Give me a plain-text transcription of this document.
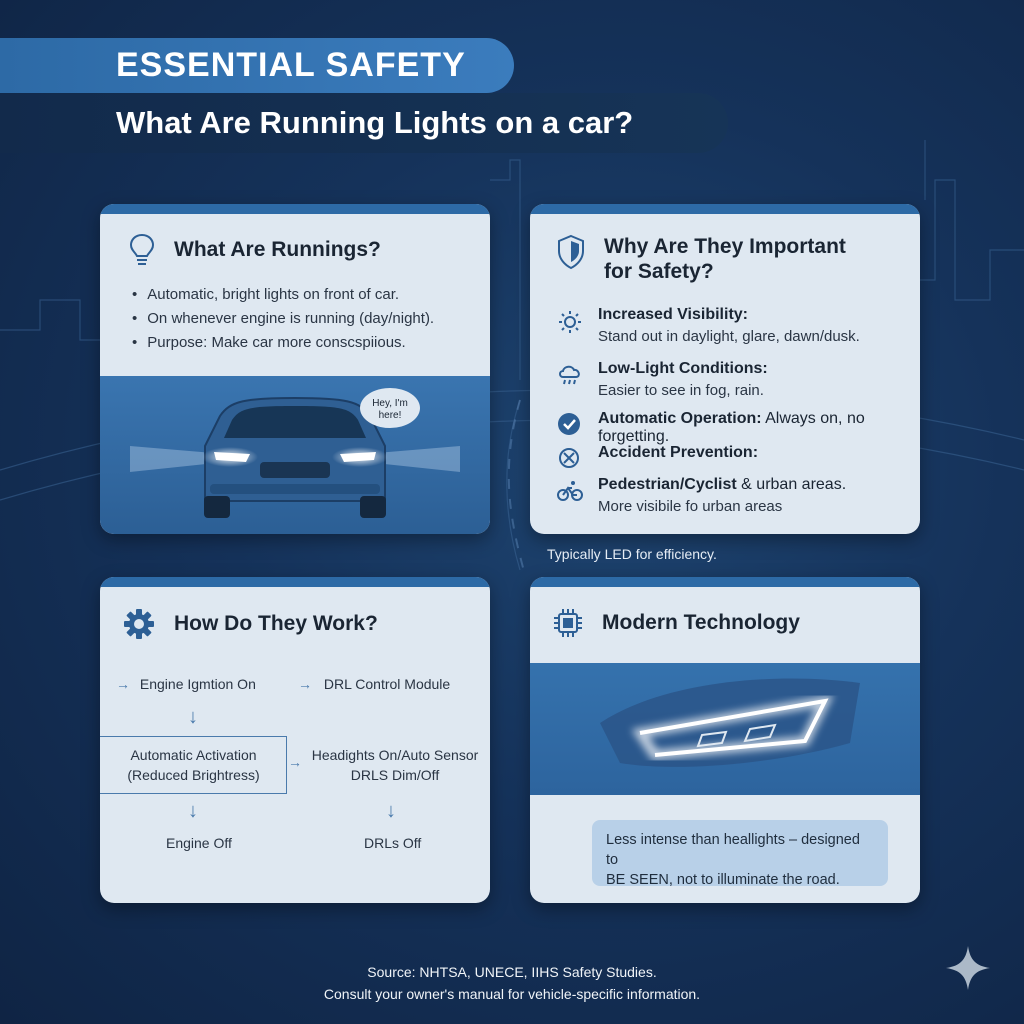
ESSENTIAL SAFETY
What Are Running Lights on a car?
What Are Runnings?
• Automatic, bright lights on front of car.
• On whenever engine is running (day/night).
• Purpose: Make car more conscspiious.
Hey, I'm
here!
Why Are They Important
for Safety?
Increased Visibility:
Stand out in daylight, glare, dawn/dusk.
Low-Light Conditions:
Easier to see in fog, rain.
Automatic Operation: Always on, no forgetting.
Accident Prevention:
Pedestrian/Cyclist & urban areas.
More visibile fo urban areas
Typically LED for efficiency.
How Do They Work?
→ Engine Igmtion On	→ DRL Control Module
↓
Automatic Activation
(Reduced Brightress)
→ Headights On/Auto Sensor
DRLS Dim/Off
↓	↓
Engine Off	DRLs Off
Modern Technology
Less intense than heallights – designed to
BE SEEN, not to illuminate the road.
Source: NHTSA, UNECE, IIHS Safety Studies.
Consult your owner's manual for vehicle-specific information.
